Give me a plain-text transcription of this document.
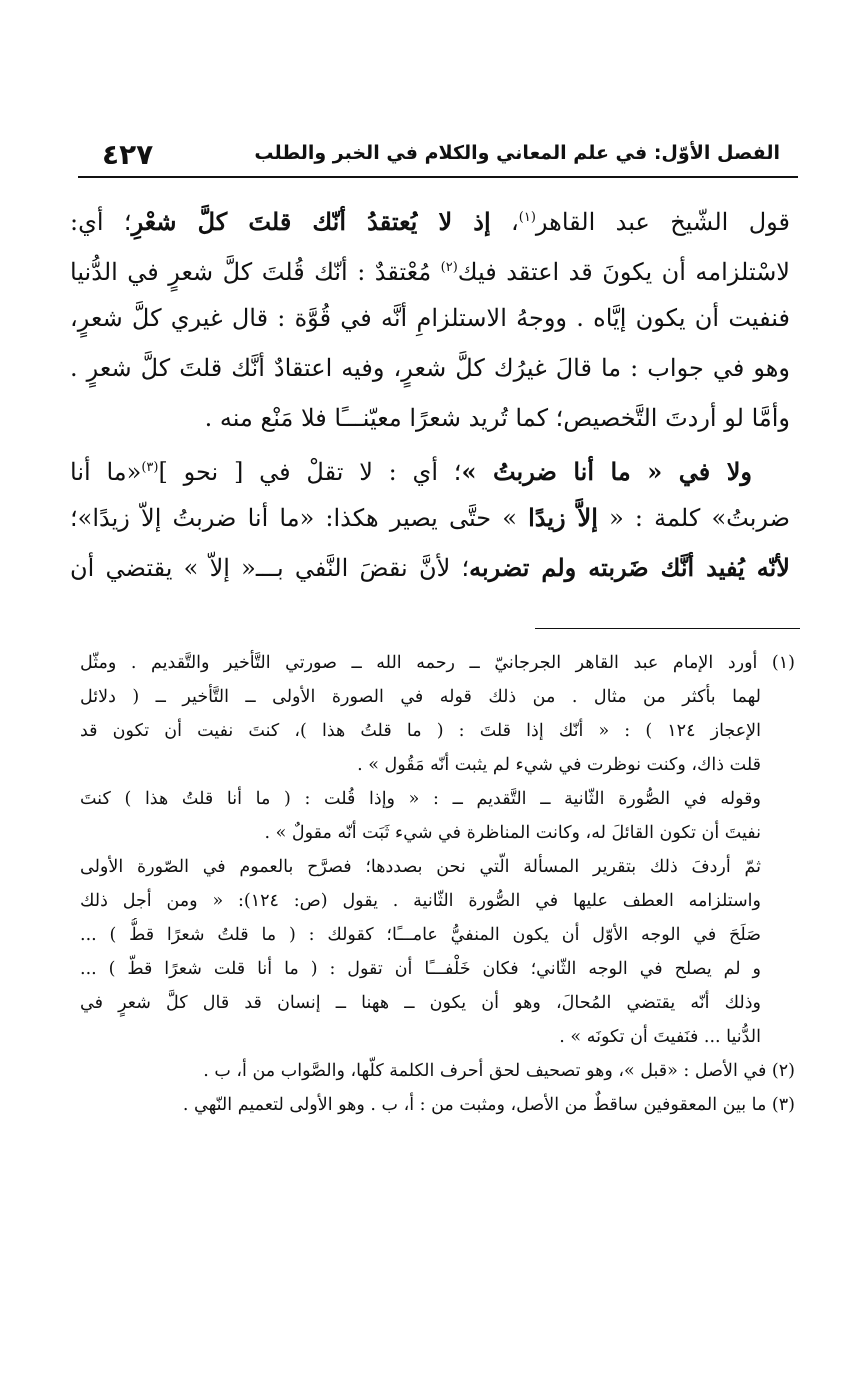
الفصل الأوّل: في علم المعاني والكلام في الخبر والطلب
٤٢٧
قول الشّيخ عبد القاهر$^{(١)}$، إذ لا يُعتقدُ أنّك قلتَ كلَّ شعْرِ؛ أي:
لاسْتلزامه أن يكونَ قد اعتقد فيك$^{(٢)}$ مُعْتقدٌ : أنّك قُلتَ كلَّ شعرٍ في الدُّنيا
فنفيت أن يكون إيَّاه . ووجهُ الاستلزامِ أنَّه في قُوَّة : قال غيري كلَّ شعرٍ،
وهو في جواب : ما قالَ غيرُك كلَّ شعرٍ، وفيه اعتقادٌ أنَّك قلتَ كلَّ شعرٍ .
وأمَّا لو أردتَ التَّخصيص؛ كما تُريد شعرًا معيّنـــًا فلا مَنْع منه .
ولا في « ما أنا ضربتُ »؛ أي : لا تقلْ في [ نحو ]$^{(٣)}$«ما أنا
ضربتُ» كلمة : « إلاَّ زيدًا » حتَّى يصير هكذا: «ما أنا ضربتُ إلاّ زيدًا»؛
لأنّه يُفيد أنَّك ضَربته ولم تضربه؛ لأنَّ نقضَ النَّفي بـــ« إلاّ » يقتضي أن
(١) أورد الإمام عبد القاهر الجرجانيّ ــ رحمه الله ــ صورتي التَّأخير والتَّقديم . ومثّل
لهما بأكثر من مثال . من ذلك قوله في الصورة الأولى ــ التَّأخير ــ ( دلائل
الإعجاز ١٢٤ ) : « أنّك إذا قلتَ : ( ما قلتُ هذا )، كنتَ نفيت أن تكون قد
قلت ذاك، وكنت نوظرت في شيء لم يثبت أنّه مَقُول » .
وقوله في الصُّورة الثّانية ــ التَّقديم ــ : « وإذا قُلت : ( ما أنا قلتُ هذا ) كنتَ
نفيتَ أن تكون القائلَ له، وكانت المناظرة في شيء ثَبَت أنّه مقولٌ » .
ثمّ أردفَ ذلك بتقرير المسألة الّتي نحن بصددها؛ فصرَّح بالعموم في الصّورة الأولى
واستلزامه العطف عليها في الصُّورة الثّانية . يقول (ص: ١٢٤): « ومن أجل ذلك
صَلَحَ في الوجه الأوّل أن يكون المنفيُّ عامـــًا؛ كقولك : ( ما قلتُ شعرًا قطُّ ) ...
و لم يصلح في الوجه الثّاني؛ فكان خَلْفـــًا أن تقول : ( ما أنا قلت شعرًا قطّ ) ...
وذلك أنّه يقتضي المُحالَ، وهو أن يكون ــ ههنا ــ إنسان قد قال كلَّ شعرٍ في
الدُّنيا ... فنَفيتَ أن تكونَه » .
(٢) في الأصل : «قبل »، وهو تصحيف لحق أحرف الكلمة كلّها، والصَّواب من أ، ب .
(٣) ما بين المعقوفين ساقطٌ من الأصل، ومثبت من : أ، ب . وهو الأولى لتعميم النّهي .
